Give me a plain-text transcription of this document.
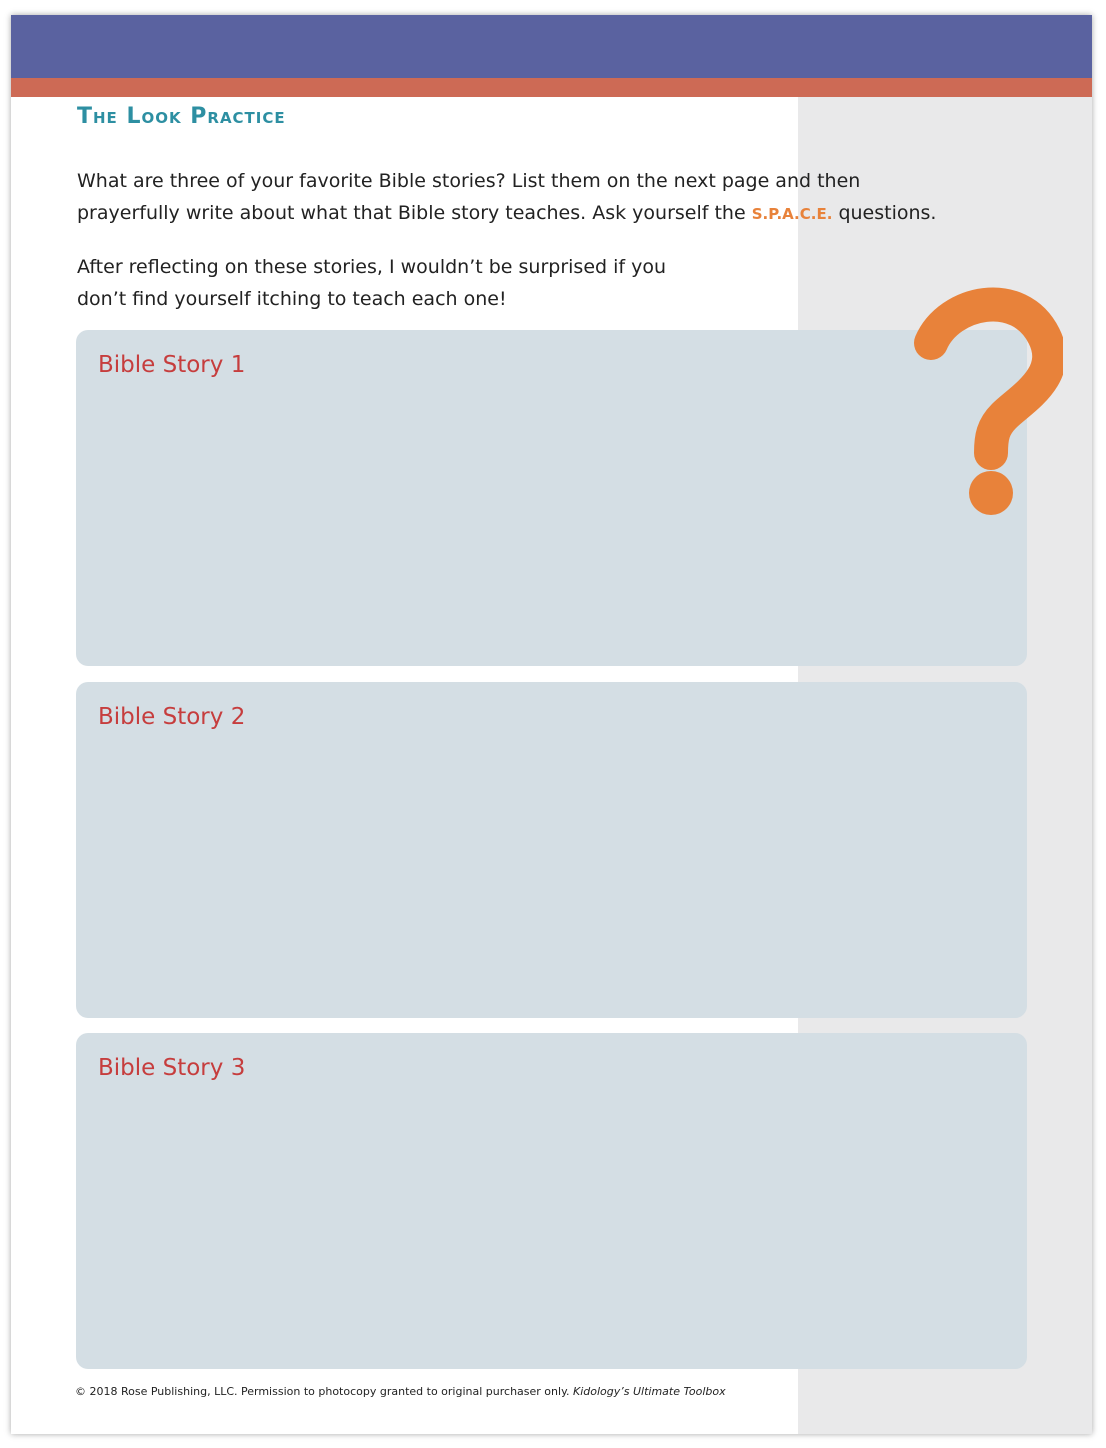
The Look Practice

What are three of your favorite Bible stories? List them on the next page and then
prayerfully write about what that Bible story teaches. Ask yourself the S.P.A.C.E. questions.

After reflecting on these stories, I wouldn’t be surprised if you
don’t find yourself itching to teach each one!

Bible Story 1
Bible Story 2
Bible Story 3
© 2018 Rose Publishing, LLC. Permission to photocopy granted to original purchaser only. Kidology’s Ultimate Toolbox
